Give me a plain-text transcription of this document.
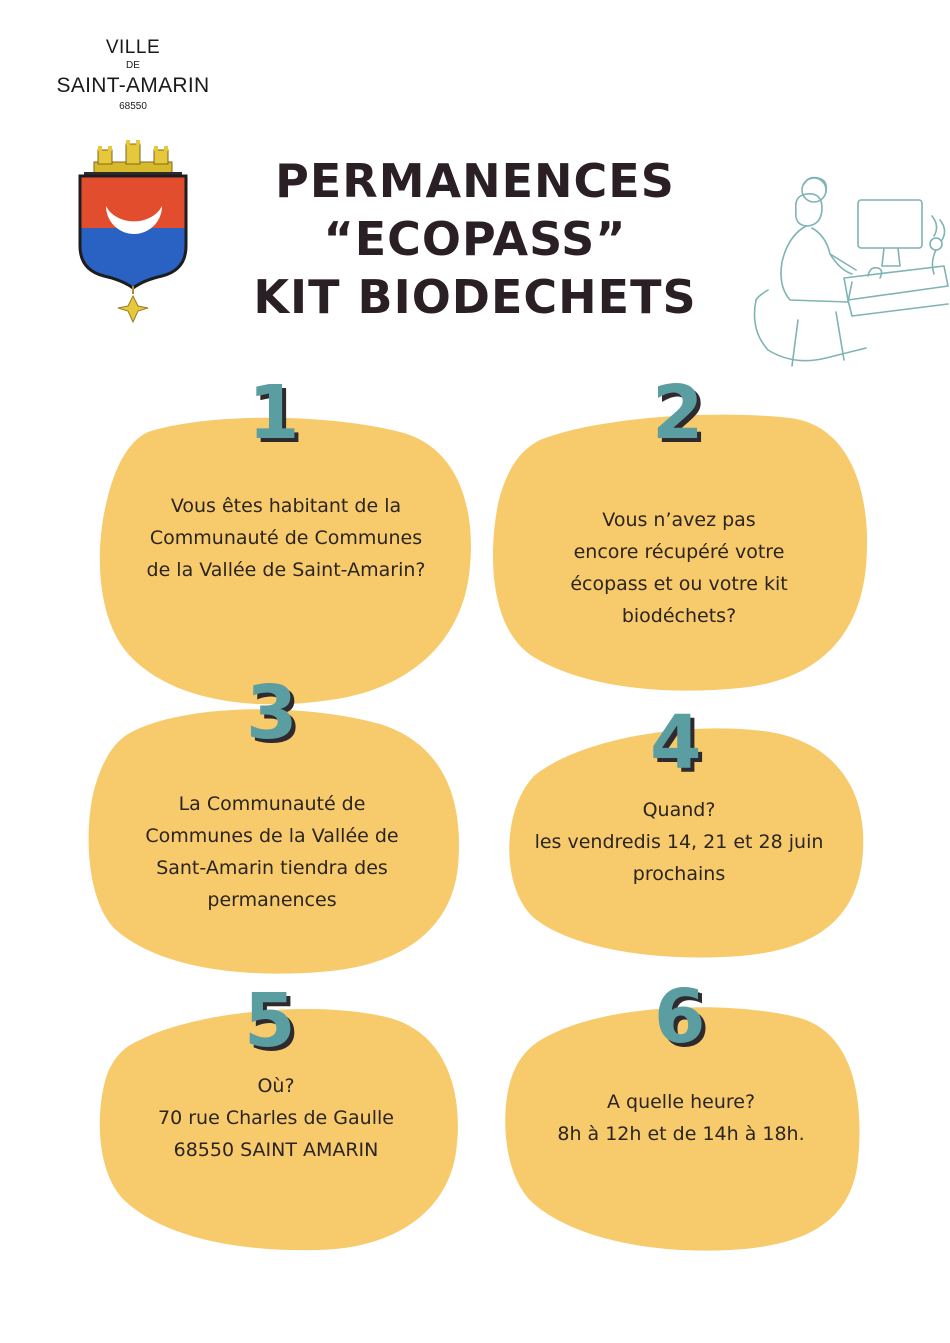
VILLE
DE
SAINT-AMARIN
68550
PERMANENCES
“ECOPASS”
KIT BIODECHETS
1	2
3	4
5	6
Vous êtes habitant de la
Communauté de Communes
de la Vallée de Saint-Amarin?
Vous n’avez pas
encore récupéré votre
écopass et ou votre kit
biodéchets?
La Communauté de
Communes de la Vallée de
Sant-Amarin tiendra des
permanences
Quand?
les vendredis 14, 21 et 28 juin
prochains
Où?
70 rue Charles de Gaulle
68550 SAINT AMARIN
A quelle heure?
8h à 12h et de 14h à 18h.
